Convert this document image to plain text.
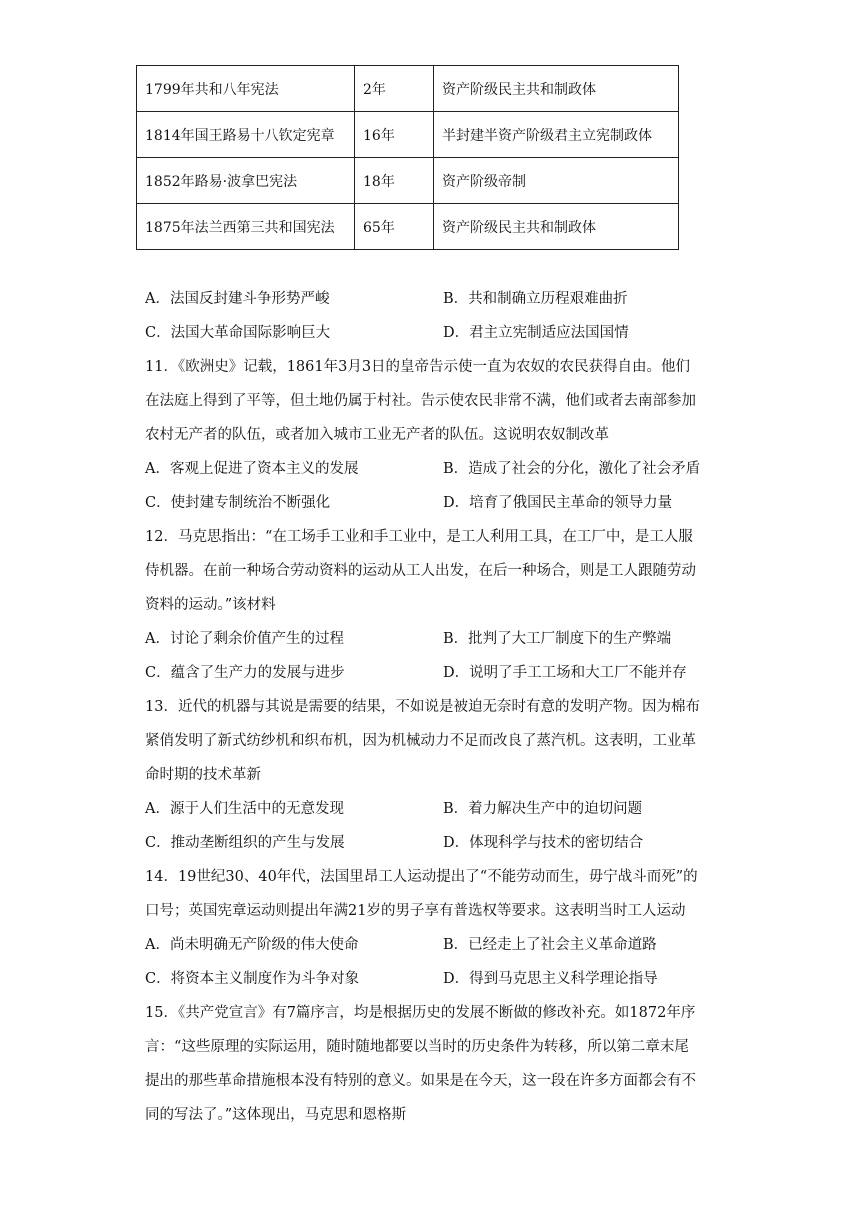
1799年共和八年宪法	2年	资产阶级民主共和制政体
1814年国王路易十八钦定宪章	16年	半封建半资产阶级君主立宪制政体
1852年路易·波拿巴宪法	18年	资产阶级帝制
1875年法兰西第三共和国宪法	65年	资产阶级民主共和制政体
A．法国反封建斗争形势严峻	B．共和制确立历程艰难曲折
C．法国大革命国际影响巨大	D．君主立宪制适应法国国情
11．《欧洲史》记载，1861年3月3日的皇帝告示使一直为农奴的农民获得自由。他们
在法庭上得到了平等，但土地仍属于村社。告示使农民非常不满，他们或者去南部参加
农村无产者的队伍，或者加入城市工业无产者的队伍。这说明农奴制改革
A．客观上促进了资本主义的发展	B．造成了社会的分化，激化了社会矛盾
C．使封建专制统治不断强化	D．培育了俄国民主革命的领导力量
12．马克思指出：“在工场手工业和手工业中，是工人利用工具，在工厂中，是工人服
侍机器。在前一种场合劳动资料的运动从工人出发，在后一种场合，则是工人跟随劳动
资料的运动。”该材料
A．讨论了剩余价值产生的过程	B．批判了大工厂制度下的生产弊端
C．蕴含了生产力的发展与进步	D．说明了手工工场和大工厂不能并存
13．近代的机器与其说是需要的结果，不如说是被迫无奈时有意的发明产物。因为棉布
紧俏发明了新式纺纱机和织布机，因为机械动力不足而改良了蒸汽机。这表明，工业革
命时期的技术革新
A．源于人们生活中的无意发现	B．着力解决生产中的迫切问题
C．推动垄断组织的产生与发展	D．体现科学与技术的密切结合
14．19世纪30、40年代，法国里昂工人运动提出了“不能劳动而生，毋宁战斗而死”的
口号；英国宪章运动则提出年满21岁的男子享有普选权等要求。这表明当时工人运动
A．尚未明确无产阶级的伟大使命	B．已经走上了社会主义革命道路
C．将资本主义制度作为斗争对象	D．得到马克思主义科学理论指导
15．《共产党宣言》有7篇序言，均是根据历史的发展不断做的修改补充。如1872年序
言：“这些原理的实际运用，随时随地都要以当时的历史条件为转移，所以第二章末尾
提出的那些革命措施根本没有特别的意义。如果是在今天，这一段在许多方面都会有不
同的写法了。”这体现出，马克思和恩格斯
